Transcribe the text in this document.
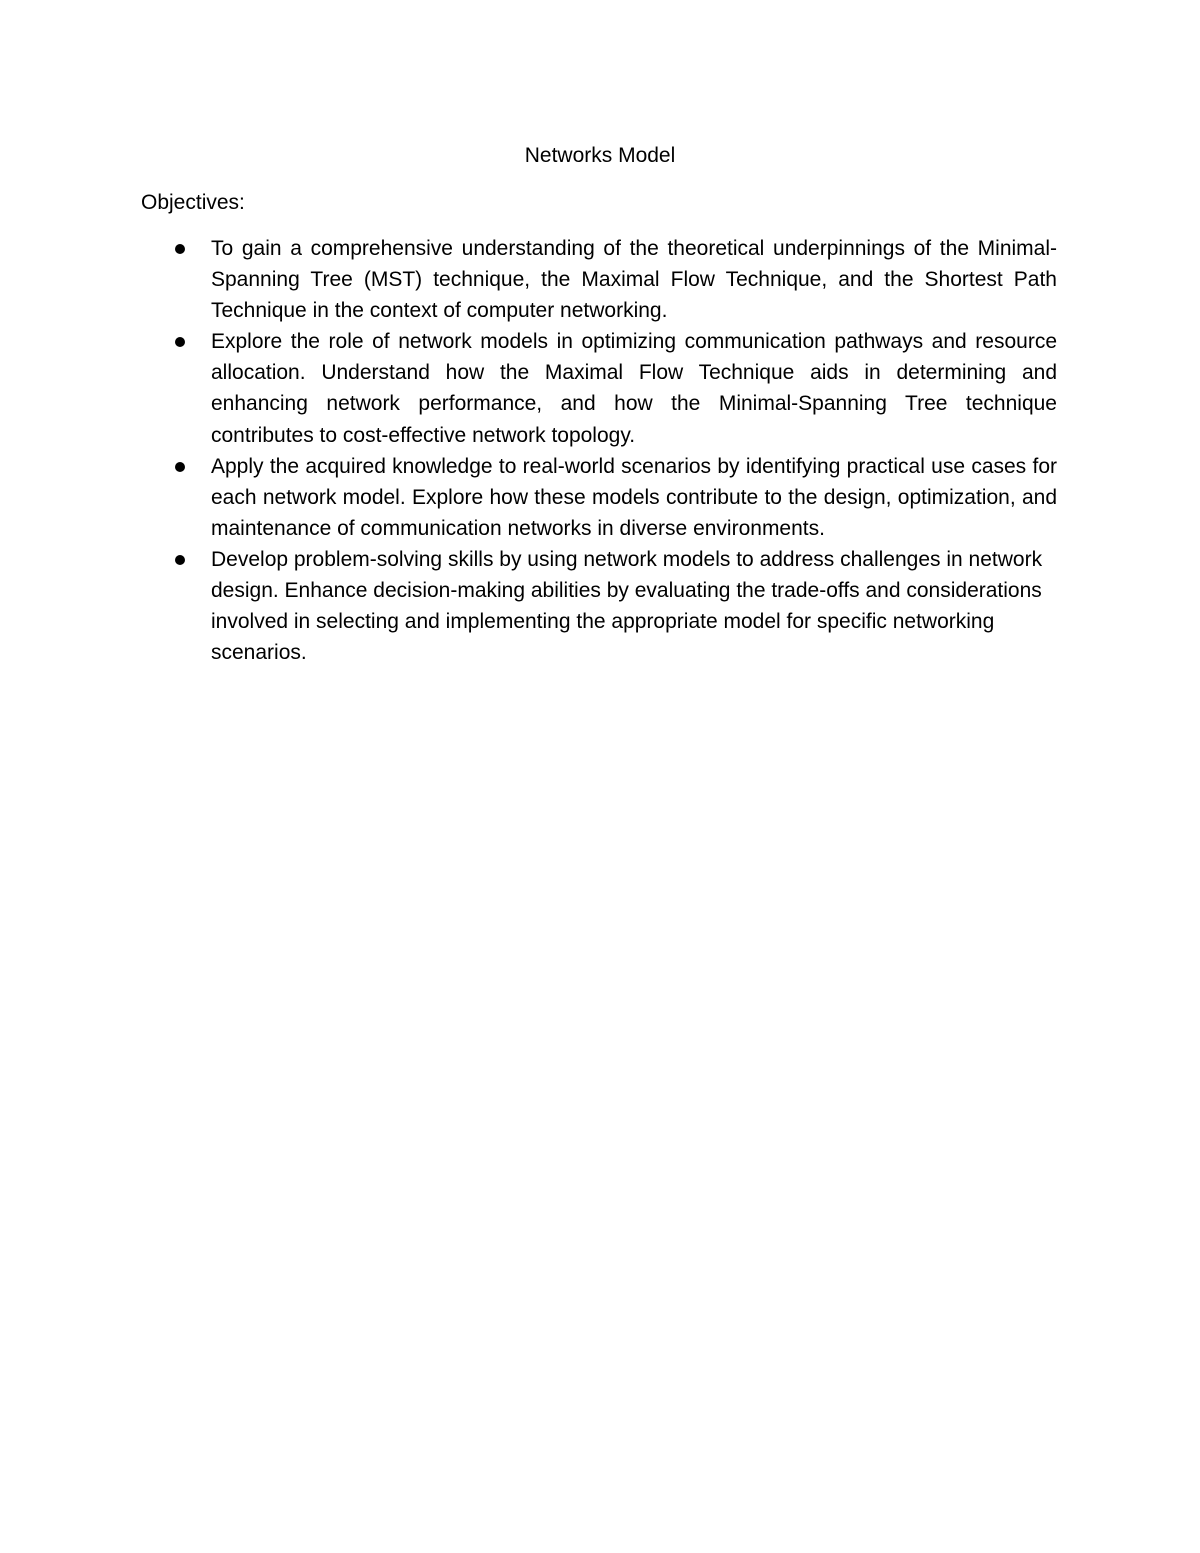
Networks Model

Objectives:

To gain a comprehensive understanding of the theoretical underpinnings of the Minimal-Spanning Tree (MST) technique, the Maximal Flow Technique, and the Shortest Path Technique in the context of computer networking.
Explore the role of network models in optimizing communication pathways and resource allocation. Understand how the Maximal Flow Technique aids in determining and enhancing network performance, and how the Minimal-Spanning Tree technique contributes to cost-effective network topology.
Apply the acquired knowledge to real-world scenarios by identifying practical use cases for each network model. Explore how these models contribute to the design, optimization, and maintenance of communication networks in diverse environments.
Develop problem-solving skills by using network models to address challenges in network design. Enhance decision-making abilities by evaluating the trade-offs and considerations involved in selecting and implementing the appropriate model for specific networking scenarios.
